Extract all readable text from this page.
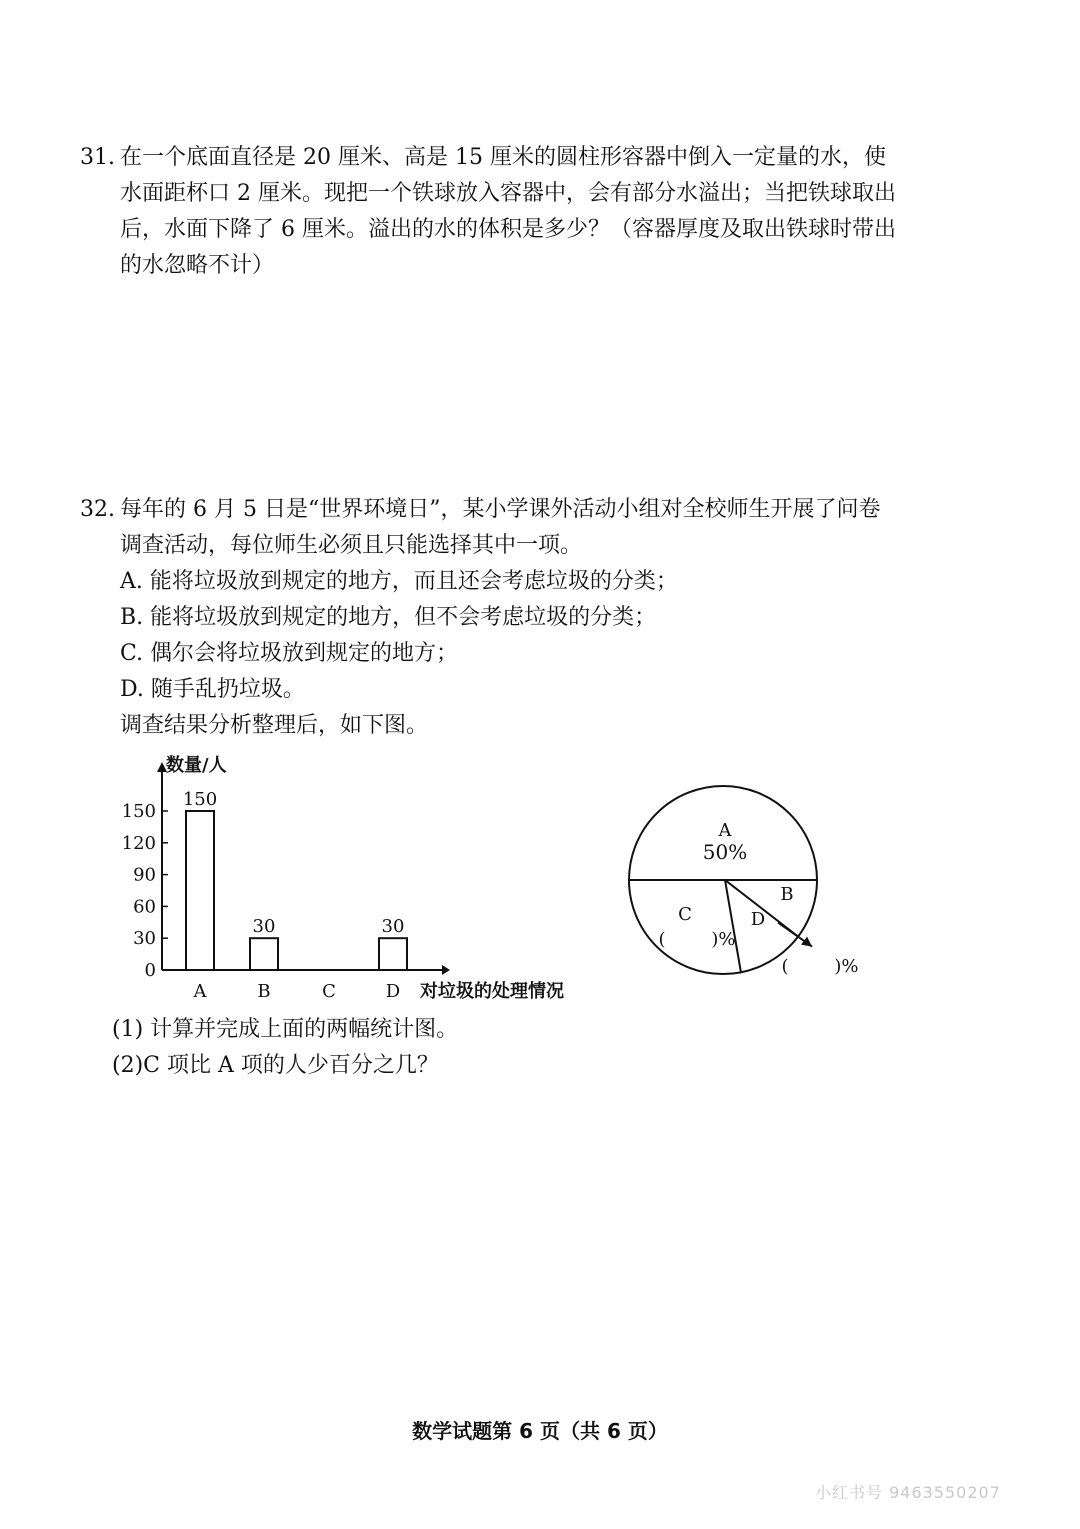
31. 在一个底面直径是 20 厘米、高是 15 厘米的圆柱形容器中倒入一定量的水，使

水面距杯口 2 厘米。现把一个铁球放入容器中，会有部分水溢出；当把铁球取出

后，水面下降了 6 厘米。溢出的水的体积是多少？（容器厚度及取出铁球时带出

的水忽略不计）

32. 每年的 6 月 5 日是“世界环境日”，某小学课外活动小组对全校师生开展了问卷

调查活动，每位师生必须且只能选择其中一项。

A. 能将垃圾放到规定的地方，而且还会考虑垃圾的分类；

B. 能将垃圾放到规定的地方，但不会考虑垃圾的分类；

C. 偶尔会将垃圾放到规定的地方；

D. 随手乱扔垃圾。

调查结果分析整理后，如下图。

0
30
60
90
120
150
A	B	C	D
150
30	30
数量/人
对垃圾的处理情况
A
50%
B
C
(        )%
D
(        )%
(1) 计算并完成上面的两幅统计图。
(2)C 项比 A 项的人少百分之几？
数学试题第 6 页（共 6 页）
小红书号 9463550207
